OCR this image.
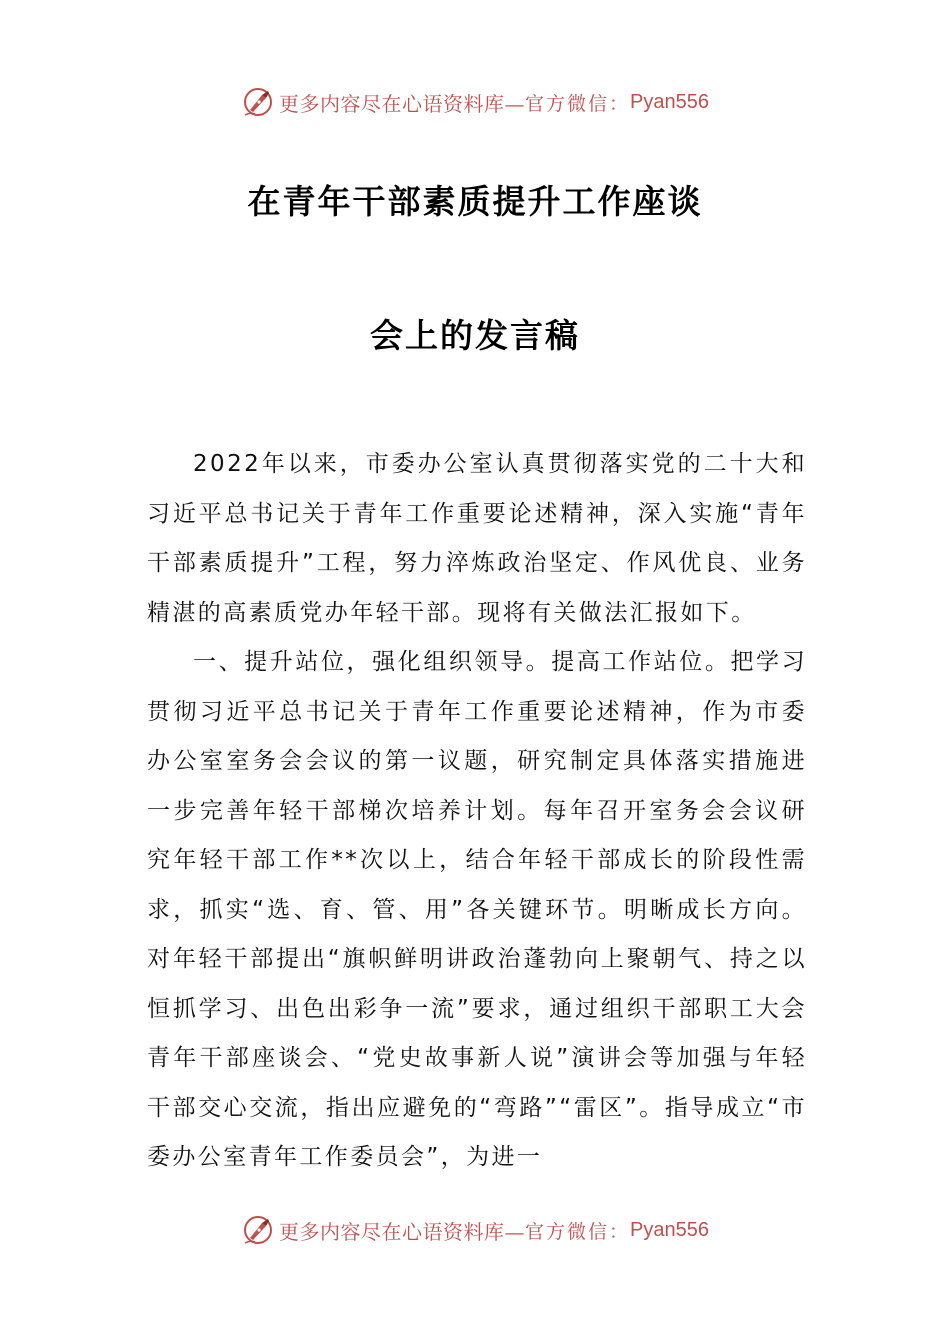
更多内容尽在心语资料库— 官方微信： Pyan556
在青年干部素质提升工作座谈
会上的发言稿

2022年以来，市委办公室认真贯彻落实党的二十大和习近平总书记关于青年工作重要论述精神，深入实施“青年干部素质提升”工程，努力淬炼政治坚定、作风优良、业务精湛的高素质党办年轻干部。现将有关做法汇报如下。

一、提升站位，强化组织领导。提高工作站位。把学习贯彻习近平总书记关于青年工作重要论述精神，作为市委办公室室务会会议的第一议题，研究制定具体落实措施进一步完善年轻干部梯次培养计划。每年召开室务会会议研究年轻干部工作**次以上，结合年轻干部成长的阶段性需求，抓实“选、育、管、用”各关键环节。明晰成长方向。对年轻干部提出“旗帜鲜明讲政治蓬勃向上聚朝气、持之以恒抓学习、出色出彩争一流”要求，通过组织干部职工大会青年干部座谈会、“党史故事新人说”演讲会等加强与年轻干部交心交流，指出应避免的“弯路”“雷区”。指导成立“市委办公室青年工作委员会”，为进一

更多内容尽在心语资料库— 官方微信： Pyan556
